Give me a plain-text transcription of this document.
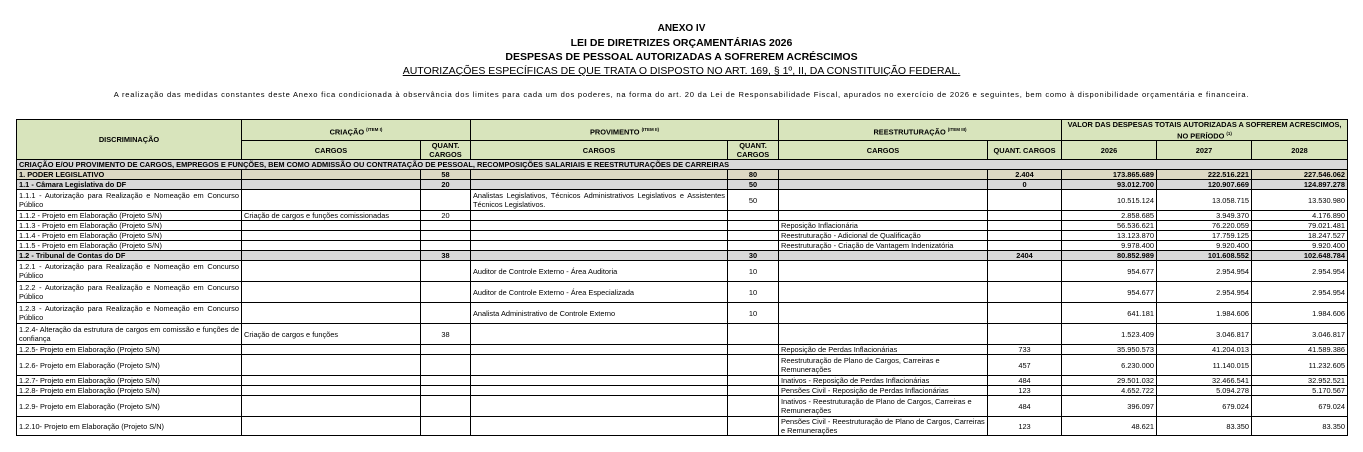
ANEXO IV
LEI DE DIRETRIZES ORÇAMENTÁRIAS 2026
DESPESAS DE PESSOAL AUTORIZADAS A SOFREREM ACRÉSCIMOS
AUTORIZAÇÕES ESPECÍFICAS DE QUE TRATA O DISPOSTO NO ART. 169, § 1º, II, DA CONSTITUIÇÃO FEDERAL.
A realização das medidas constantes deste Anexo fica condicionada à observância dos limites para cada um dos poderes, na forma do art. 20 da Lei de Responsabilidade Fiscal, apurados no exercício de 2026 e seguintes, bem como à disponibilidade orçamentária e financeira.
DISCRIMINAÇÃO	CRIAÇÃO $^{(ITEM I)}$		PROVIMENTO $^{(ITEM II)}$		REESTRUTURAÇÃO $^{(ITEM III)}$		VALOR DAS DESPESAS TOTAIS AUTORIZADAS A SOFREREM ACRESCIMOS, NO PERÍODO $^{(1)}$
	CARGOS	QUANT. CARGOS	CARGOS	QUANT. CARGOS	CARGOS	QUANT. CARGOS	2026	2027	2028
CRIAÇÃO E/OU PROVIMENTO DE CARGOS, EMPREGOS E FUNÇÕES, BEM COMO ADMISSÃO OU CONTRATAÇÃO DE PESSOAL, RECOMPOSIÇÕES SALARIAIS E REESTRUTURAÇÕES DE CARREIRAS									
1. PODER LEGISLATIVO		58		80		2.404	173.865.689	222.516.221	227.546.062
1.1 - Câmara Legislativa do DF		20		50		0	93.012.700	120.907.669	124.897.278
1.1.1 - Autorização para Realização e Nomeação em Concurso Público			Analistas Legislativos, Técnicos Administrativos Legislativos e Assistentes Técnicos Legislativos.	50			10.515.124	13.058.715	13.530.980
1.1.2 - Projeto em Elaboração (Projeto S/N)	Criação de cargos e funções comissionadas	20					2.858.685	3.949.370	4.176.890
1.1.3 - Projeto em Elaboração (Projeto S/N)					Reposição Inflacionária		56.536.621	76.220.059	79.021.481
1.1.4 - Projeto em Elaboração (Projeto S/N)					Reestruturação - Adicional de Qualificação		13.123.870	17.759.125	18.247.527
1.1.5 - Projeto em Elaboração (Projeto S/N)					Reestruturação - Criação de Vantagem Indenizatória		9.978.400	9.920.400	9.920.400
1.2 - Tribunal de Contas do DF		38		30		2404	80.852.989	101.608.552	102.648.784
1.2.1 - Autorização para Realização e Nomeação em Concurso Público			Auditor de Controle Externo - Área Auditoria	10			954.677	2.954.954	2.954.954
1.2.2 - Autorização para Realização e Nomeação em Concurso Público			Auditor de Controle Externo - Área Especializada	10			954.677	2.954.954	2.954.954
1.2.3 - Autorização para Realização e Nomeação em Concurso Público			Analista Administrativo de Controle Externo	10			641.181	1.984.606	1.984.606
1.2.4- Alteração da estrutura de cargos em comissão e funções de confiança	Criação de cargos e funções	38					1.523.409	3.046.817	3.046.817
1.2.5- Projeto em Elaboração (Projeto S/N)					Reposição de Perdas Inflacionárias	733	35.950.573	41.204.013	41.589.386
1.2.6- Projeto em Elaboração (Projeto S/N)					Reestruturação de Plano de Cargos, Carreiras e Remunerações	457	6.230.000	11.140.015	11.232.605
1.2.7- Projeto em Elaboração (Projeto S/N)					Inativos - Reposição de Perdas Inflacionárias	484	29.501.032	32.466.541	32.952.521
1.2.8- Projeto em Elaboração (Projeto S/N)					Pensões Civil - Reposição de Perdas Inflacionárias	123	4.652.722	5.094.278	5.170.567
1.2.9- Projeto em Elaboração (Projeto S/N)					Inativos - Reestruturação de Plano de Cargos, Carreiras e Remunerações	484	396.097	679.024	679.024
1.2.10- Projeto em Elaboração (Projeto S/N)					Pensões Civil - Reestruturação de Plano de Cargos, Carreiras e Remunerações	123	48.621	83.350	83.350
